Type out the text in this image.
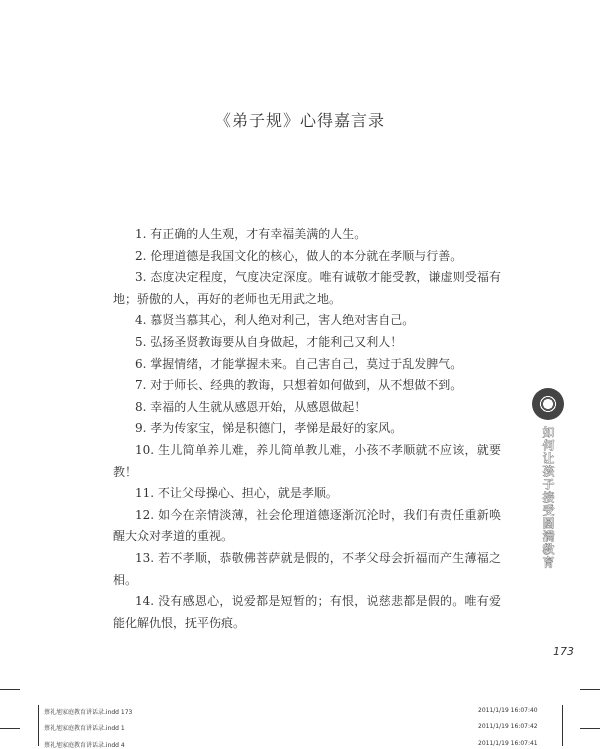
《弟子规》心得嘉言录

1. 有正确的人生观，才有幸福美满的人生。

2. 伦理道德是我国文化的核心，做人的本分就在孝顺与行善。

3. 态度决定程度，气度决定深度。唯有诚敬才能受教，谦虚则受福有地；骄傲的人，再好的老师也无用武之地。

4. 慕贤当慕其心，利人绝对利己，害人绝对害自己。

5. 弘扬圣贤教诲要从自身做起，才能利己又利人！

6. 掌握情绪，才能掌握未来。自己害自己，莫过于乱发脾气。

7. 对于师长、经典的教诲，只想着如何做到，从不想做不到。

8. 幸福的人生就从感恩开始，从感恩做起！

9. 孝为传家宝，悌是积德门，孝悌是最好的家风。

10. 生儿简单养儿难，养儿简单教儿难，小孩不孝顺就不应该，就要教！

11. 不让父母操心、担心，就是孝顺。

12. 如今在亲情淡薄，社会伦理道德逐渐沉沦时，我们有责任重新唤醒大众对孝道的重视。

13. 若不孝顺，恭敬佛菩萨就是假的，不孝父母会折福而产生薄福之相。

14. 没有感恩心，说爱都是短暂的；有恨，说慈悲都是假的。唯有爱能化解仇恨，抚平伤痕。

如何让孩子接受圆满教育
173
蔡礼旭家庭教育讲话录.indd 173	2011/1/19 16:07:40
蔡礼旭家庭教育讲话录.indd 1	2011/1/19 16:07:42
蔡礼旭家庭教育讲话录.indd 4	2011/1/19 16:07:41
